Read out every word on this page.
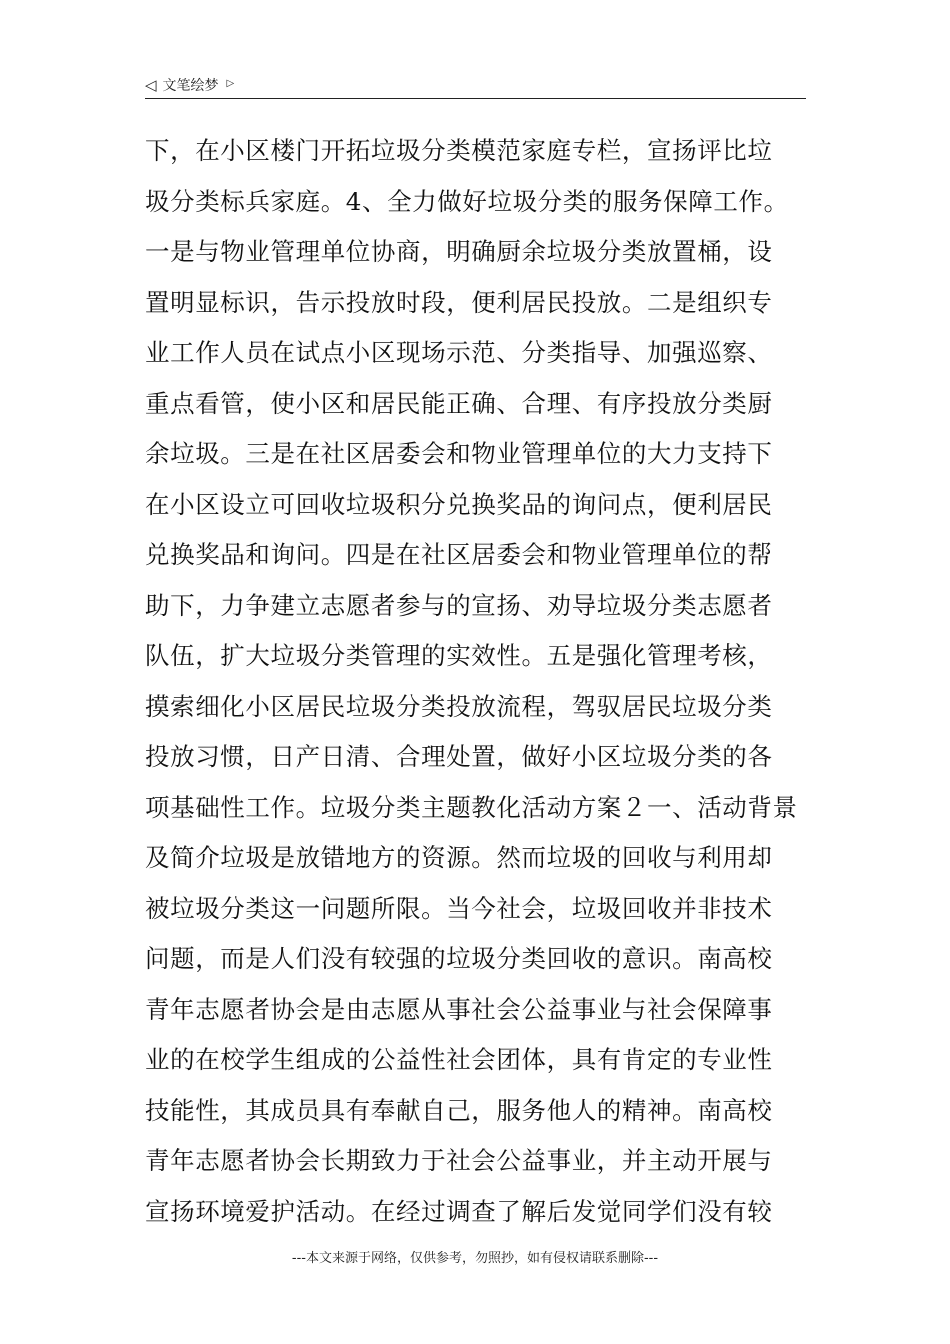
◁ 文笔绘梦 ▷
下，在小区楼门开拓垃圾分类模范家庭专栏，宣扬评比垃
圾分类标兵家庭。4、全力做好垃圾分类的服务保障工作。
一是与物业管理单位协商，明确厨余垃圾分类放置桶，设
置明显标识，告示投放时段，便利居民投放。二是组织专
业工作人员在试点小区现场示范、分类指导、加强巡察、
重点看管，使小区和居民能正确、合理、有序投放分类厨
余垃圾。三是在社区居委会和物业管理单位的大力支持下
在小区设立可回收垃圾积分兑换奖品的询问点，便利居民
兑换奖品和询问。四是在社区居委会和物业管理单位的帮
助下，力争建立志愿者参与的宣扬、劝导垃圾分类志愿者
队伍，扩大垃圾分类管理的实效性。五是强化管理考核，
摸索细化小区居民垃圾分类投放流程，驾驭居民垃圾分类
投放习惯，日产日清、合理处置，做好小区垃圾分类的各
项基础性工作。垃圾分类主题教化活动方案２一、活动背景
及简介垃圾是放错地方的资源。然而垃圾的回收与利用却
被垃圾分类这一问题所限。当今社会，垃圾回收并非技术
问题，而是人们没有较强的垃圾分类回收的意识。南高校
青年志愿者协会是由志愿从事社会公益事业与社会保障事
业的在校学生组成的公益性社会团体，具有肯定的专业性
技能性，其成员具有奉献自己，服务他人的精神。南高校
青年志愿者协会长期致力于社会公益事业，并主动开展与
宣扬环境爱护活动。在经过调查了解后发觉同学们没有较
---本文来源于网络，仅供参考，勿照抄，如有侵权请联系删除---
